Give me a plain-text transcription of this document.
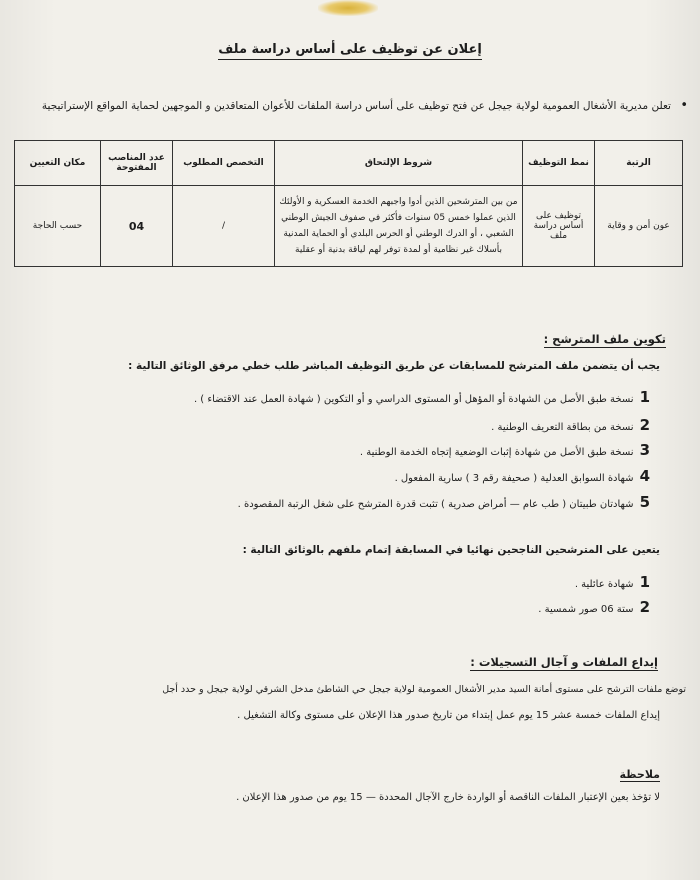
إعلان عن توظيف على أساس دراسة ملف
• تعلن مديرية الأشغال العمومية لولاية جيجل عن فتح توظيف على أساس دراسة الملفات للأعوان المتعاقدين و الموجهين لحماية المواقع الإستراتيجية
الرتبة	نمط التوظيف	شروط الإلتحاق	التخصص المطلوب	عدد المناصب المفتوحة	مكان التعيين
عون أمن و وقاية	توظيف على أساس دراسة ملف	من بين المترشحين الذين أدوا واجبهم الخدمة العسكرية و الأولئك الذين عملوا خمس 05 سنوات فأكثر في صفوف الجيش الوطني الشعبي ، أو الدرك الوطني أو الحرس البلدي أو الحماية المدنية بأسلاك غير نظامية أو لمدة توفر لهم لياقة بدنية أو عقلية	/	04	حسب الحاجة
تكوين ملف المترشح :
يجب أن يتضمن ملف المترشح للمسابقات عن طريق التوظيف المباشر طلب خطي مرفق الوثائق التالية :
1
نسخة طبق الأصل من الشهادة أو المؤهل أو المستوى الدراسي و أو التكوين ( شهادة العمل عند الاقتضاء ) .
2
نسخة من بطاقة التعريف الوطنية .
3
نسخة طبق الأصل من شهادة إثبات الوضعية إتجاه الخدمة الوطنية .
4
شهادة السوابق العدلية ( صحيفة رقم 3 ) سارية المفعول .
5
شهادتان طبيتان ( طب عام — أمراض صدرية ) تثبت قدرة المترشح على شغل الرتبة المقصودة .
يتعين على المترشحين الناجحين نهائيا في المسابقة إتمام ملفهم بالوثائق التالية :
1
شهادة عائلية .
2
ستة 06 صور شمسية .
إيداع الملفات و آجال التسجيلات :
توضع ملفات الترشح على مستوى أمانة السيد مدير الأشغال العمومية لولاية جيجل حي الشاطئ مدخل الشرقي لولاية جيجل و حدد أجل
إيداع الملفات خمسة عشر 15 يوم عمل إبتداء من تاريخ صدور هذا الإعلان على مستوى وكالة التشغيل .
ملاحظة
لا تؤخذ بعين الإعتبار الملفات الناقصة أو الواردة خارج الآجال المحددة — 15 يوم من صدور هذا الإعلان .
